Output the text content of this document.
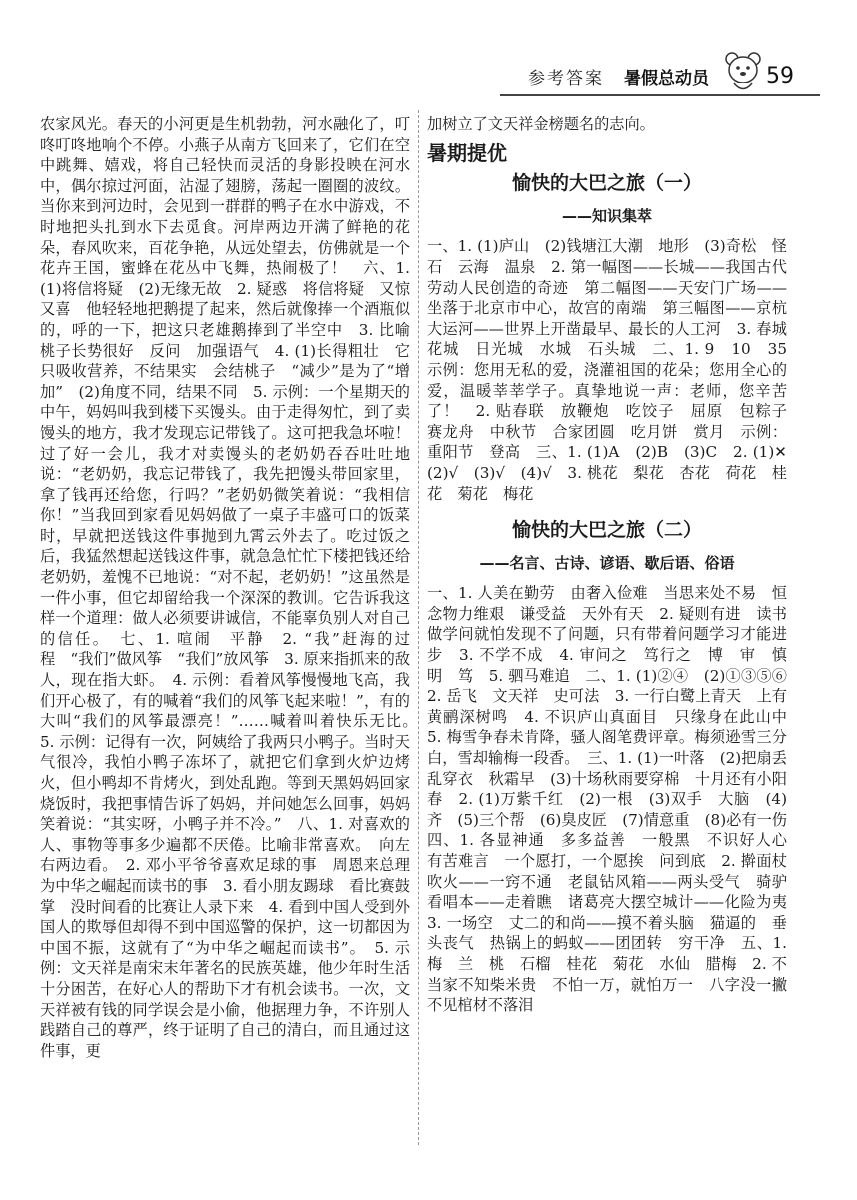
参考答案 暑假总动员	59

农家风光。春天的小河更是生机勃勃，河水融化了，叮咚叮咚地响个不停。小燕子从南方飞回来了，它们在空中跳舞、嬉戏，将自己轻快而灵活的身影投映在河水中，偶尔掠过河面，沾湿了翅膀，荡起一圈圈的波纹。当你来到河边时，会见到一群群的鸭子在水中游戏，不时地把头扎到水下去觅食。河岸两边开满了鲜艳的花朵，春风吹来，百花争艳，从远处望去，仿佛就是一个花卉王国，蜜蜂在花丛中飞舞，热闹极了！　六、1.(1)将信将疑　(2)无缘无故　2. 疑惑　将信将疑　又惊又喜　他轻轻地把鹅提了起来，然后就像捧一个酒瓶似的，呼的一下，把这只老雄鹅捧到了半空中　3. 比喻　桃子长势很好　反问　加强语气　4. (1)长得粗壮　它只吸收营养，不结果实　会结桃子　“减少”是为了“增加”　(2)角度不同，结果不同　5. 示例：一个星期天的中午，妈妈叫我到楼下买馒头。由于走得匆忙，到了卖馒头的地方，我才发现忘记带钱了。这可把我急坏啦！过了好一会儿，我才对卖馒头的老奶奶吞吞吐吐地说：“老奶奶，我忘记带钱了，我先把馒头带回家里，拿了钱再还给您，行吗？”老奶奶微笑着说：“我相信你！”当我回到家看见妈妈做了一桌子丰盛可口的饭菜时，早就把送钱这件事抛到九霄云外去了。吃过饭之后，我猛然想起送钱这件事，就急急忙忙下楼把钱还给老奶奶，羞愧不已地说：“对不起，老奶奶！”这虽然是一件小事，但它却留给我一个深深的教训。它告诉我这样一个道理：做人必须要讲诚信，不能辜负别人对自己的信任。　七、1. 喧闹　平静　2. “我”赶海的过程　“我们”做风筝　“我们”放风筝　3. 原来指抓来的敌人，现在指大虾。　4. 示例：看着风筝慢慢地飞高，我们开心极了，有的喊着“我们的风筝飞起来啦！”，有的大叫“我们的风筝最漂亮！”……喊着叫着快乐无比。　5. 示例：记得有一次，阿姨给了我两只小鸭子。当时天气很冷，我怕小鸭子冻坏了，就把它们拿到火炉边烤火，但小鸭却不肯烤火，到处乱跑。等到天黑妈妈回家烧饭时，我把事情告诉了妈妈，并问她怎么回事，妈妈笑着说：“其实呀，小鸭子并不冷。”　八、1. 对喜欢的人、事物等事多少遍都不厌倦。比喻非常喜欢。　向左右两边看。　2. 邓小平爷爷喜欢足球的事　周恩来总理为中华之崛起而读书的事　3. 看小朋友踢球　看比赛鼓掌　没时间看的比赛让人录下来　4. 看到中国人受到外国人的欺辱但却得不到中国巡警的保护，这一切都因为中国不振，这就有了“为中华之崛起而读书”。　5. 示例：文天祥是南宋末年著名的民族英雄，他少年时生活十分困苦，在好心人的帮助下才有机会读书。一次，文天祥被有钱的同学误会是小偷，他据理力争，不许别人践踏自己的尊严，终于证明了自己的清白，而且通过这件事，更

加树立了文天祥金榜题名的志向。

暑期提优
愉快的大巴之旅（一）
——知识集萃

一、1. (1)庐山　(2)钱塘江大潮　地形　(3)奇松　怪石　云海　温泉　2. 第一幅图——长城——我国古代劳动人民创造的奇迹　第二幅图——天安门广场——坐落于北京市中心，故宫的南端　第三幅图——京杭大运河——世界上开凿最早、最长的人工河　3. 春城　花城　日光城　水城　石头城　二、1. 9　10　35　示例：您用无私的爱，浇灌祖国的花朵；您用全心的爱，温暖莘莘学子。真挚地说一声：老师，您辛苦了！　2. 贴春联　放鞭炮　吃饺子　屈原　包粽子　赛龙舟　中秋节　合家团圆　吃月饼　赏月　示例：重阳节　登高　三、1. (1)A　(2)B　(3)C　2. (1)✕　(2)√　(3)√　(4)√　3. 桃花　梨花　杏花　荷花　桂花　菊花　梅花

愉快的大巴之旅（二）
——名言、古诗、谚语、歇后语、俗语

一、1. 人美在勤劳　由奢入俭难　当思来处不易　恒念物力维艰　谦受益　天外有天　2. 疑则有进　读书做学问就怕发现不了问题，只有带着问题学习才能进步　3. 不学不成　4. 审问之　笃行之　博　审　慎　明　笃　5. 驷马难追　二、1. (1)②④　(2)①③⑤⑥　2. 岳飞　文天祥　史可法　3. 一行白鹭上青天　上有黄鹂深树鸣　4. 不识庐山真面目　只缘身在此山中　5. 梅雪争春未肯降，骚人阁笔费评章。梅须逊雪三分白，雪却输梅一段香。　三、1. (1)一叶落　(2)把扇丢　乱穿衣　秋霜早　(3)十场秋雨要穿棉　十月还有小阳春　2. (1)万紫千红　(2)一根　(3)双手　大脑　(4)齐　(5)三个帮　(6)臭皮匠　(7)情意重　(8)必有一伤　四、1. 各显神通　多多益善　一般黑　不识好人心　有苦难言　一个愿打，一个愿挨　问到底　2. 擀面杖吹火——一窍不通　老鼠钻风箱——两头受气　骑驴看唱本——走着瞧　诸葛亮大摆空城计——化险为夷　3. 一场空　丈二的和尚——摸不着头脑　猫逼的　垂头丧气　热锅上的蚂蚁——团团转　穷干净　五、1. 梅　兰　桃　石榴　桂花　菊花　水仙　腊梅　2. 不当家不知柴米贵　不怕一万，就怕万一　八字没一撇　不见棺材不落泪
